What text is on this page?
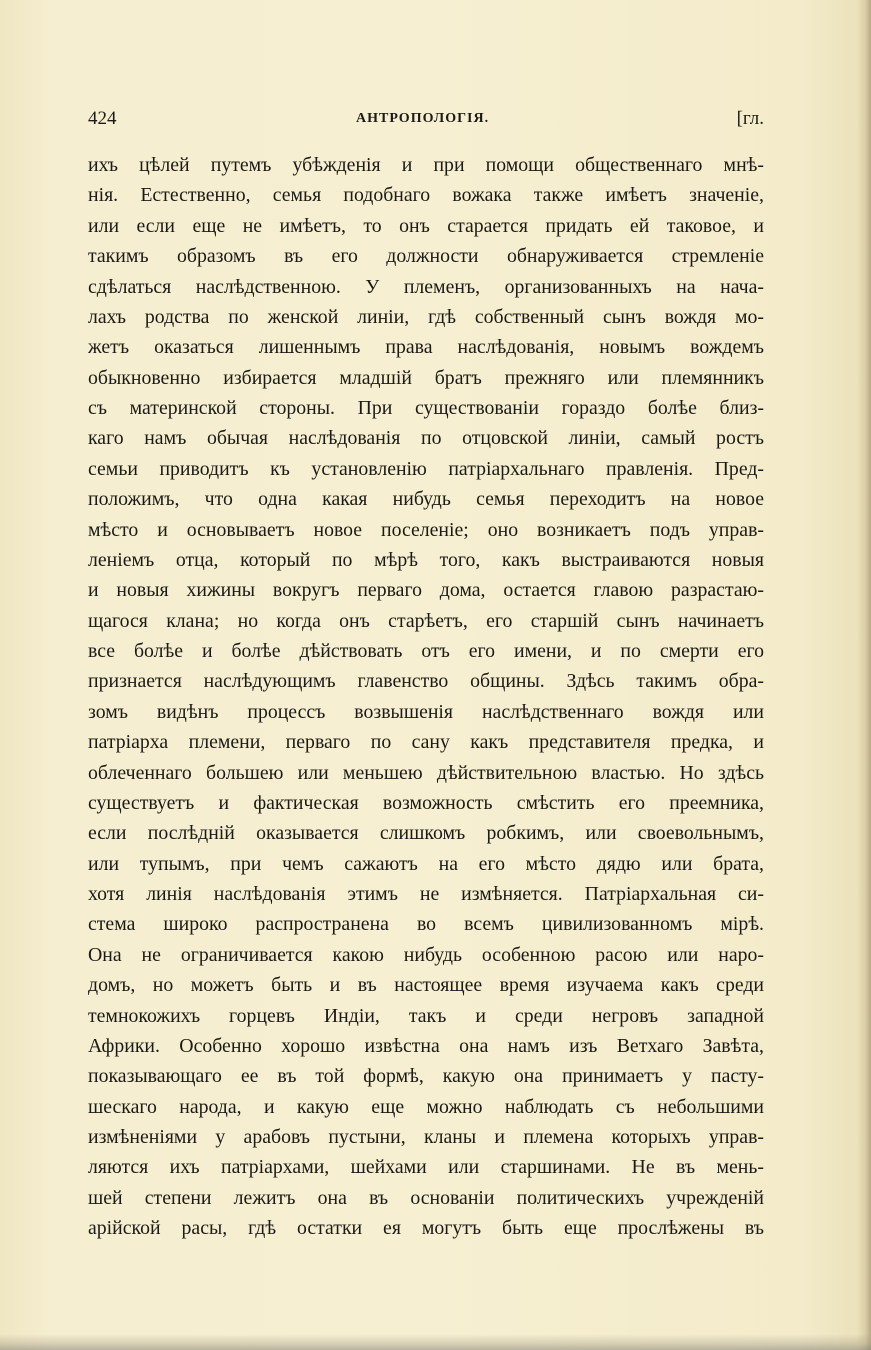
424	АНТРОПОЛОГІЯ.	[гл.
ихъ цѣлей путемъ убѣжденія и при помощи общественнаго мнѣ-
нія. Естественно, семья подобнаго вожака также имѣетъ значеніе,
или если еще не имѣетъ, то онъ старается придать ей таковое, и
такимъ образомъ въ его должности обнаруживается стремленіе
сдѣлаться наслѣдственною. У племенъ, организованныхъ на нача-
лахъ родства по женской линіи, гдѣ собственный сынъ вождя мо-
жетъ оказаться лишеннымъ права наслѣдованія, новымъ вождемъ
обыкновенно избирается младшій братъ прежняго или племянникъ
съ материнской стороны. При существованіи гораздо болѣе близ-
каго намъ обычая наслѣдованія по отцовской линіи, самый ростъ
семьи приводитъ къ установленію патріархальнаго правленія. Пред-
положимъ, что одна какая нибудь семья переходитъ на новое
мѣсто и основываетъ новое поселеніе; оно возникаетъ подъ управ-
леніемъ отца, который по мѣрѣ того, какъ выстраиваются новыя
и новыя хижины вокругъ перваго дома, остается главою разрастаю-
щагося клана; но когда онъ старѣетъ, его старшій сынъ начинаетъ
все болѣе и болѣе дѣйствовать отъ его имени, и по смерти его
признается наслѣдующимъ главенство общины. Здѣсь такимъ обра-
зомъ видѣнъ процессъ возвышенія наслѣдственнаго вождя или
патріарха племени, перваго по сану какъ представителя предка, и
облеченнаго большею или меньшею дѣйствительною властью. Но здѣсь
существуетъ и фактическая возможность смѣстить его преемника,
если послѣдній оказывается слишкомъ робкимъ, или своевольнымъ,
или тупымъ, при чемъ сажаютъ на его мѣсто дядю или брата,
хотя линія наслѣдованія этимъ не измѣняется. Патріархальная си-
стема широко распространена во всемъ цивилизованномъ мірѣ.
Она не ограничивается какою нибудь особенною расою или наро-
домъ, но можетъ быть и въ настоящее время изучаема какъ среди
темнокожихъ горцевъ Индіи, такъ и среди негровъ западной
Африки. Особенно хорошо извѣстна она намъ изъ Ветхаго Завѣта,
показывающаго ее въ той формѣ, какую она принимаетъ у пасту-
шескаго народа, и какую еще можно наблюдать съ небольшими
измѣненіями у арабовъ пустыни, кланы и племена которыхъ управ-
ляются ихъ патріархами, шейхами или старшинами. Не въ мень-
шей степени лежитъ она въ основаніи политическихъ учрежденій
арійской расы, гдѣ остатки ея могутъ быть еще прослѣжены въ
